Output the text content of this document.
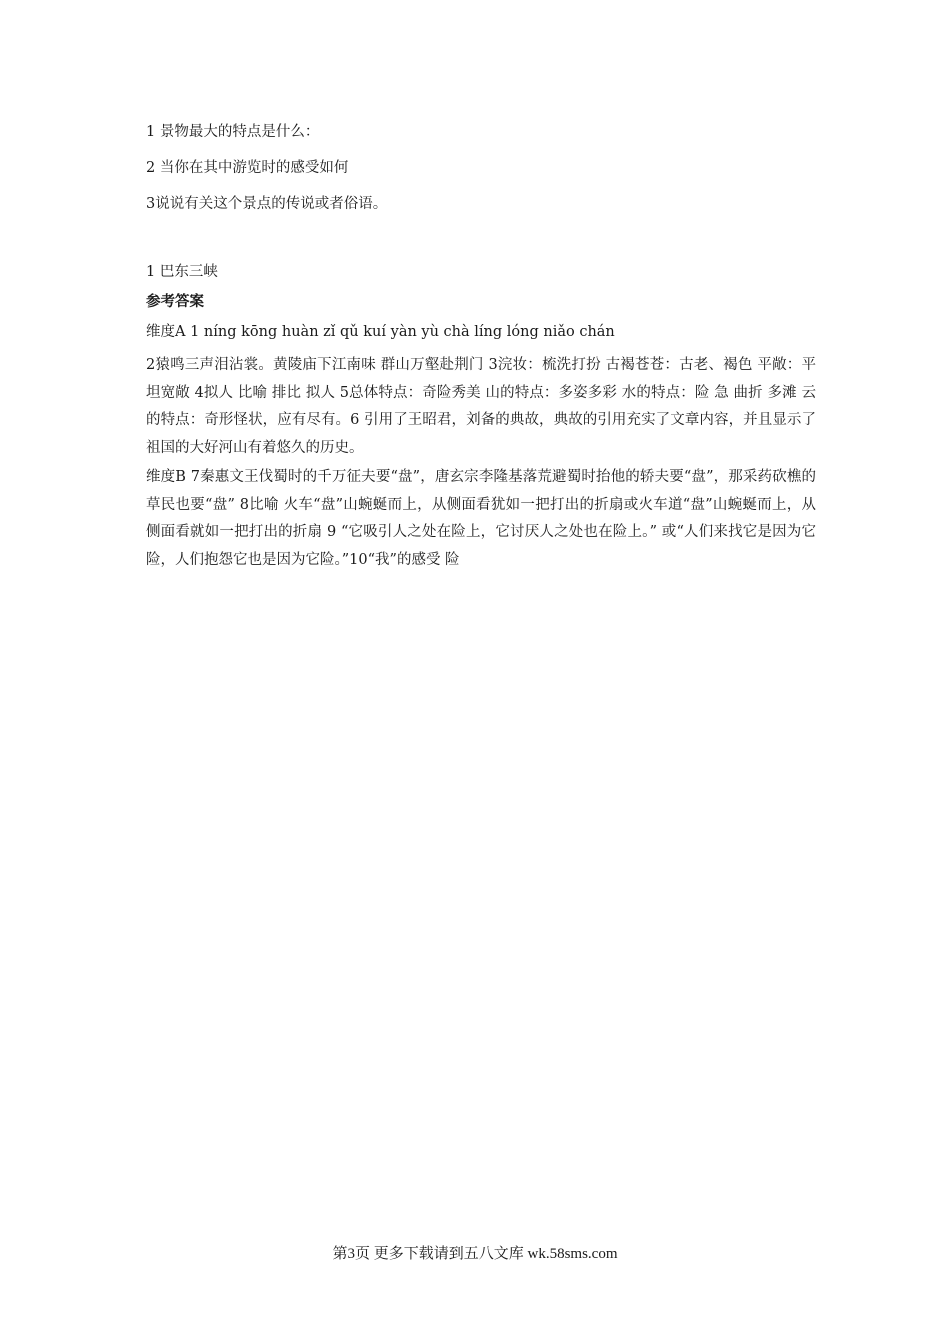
1 景物最大的特点是什么：
2 当你在其中游览时的感受如何
3说说有关这个景点的传说或者俗语。
1 巴东三峡
参考答案
维度A 1 níng kōng huàn zǐ qǔ kuí yàn yù chà líng lóng niǎo chán
2猿鸣三声泪沾裳。黄陵庙下江南味 群山万壑赴荆门 3浣妆：梳洗打扮 古褐苍苍：古老、褐色 平敞：平坦宽敞 4拟人 比喻 排比 拟人 5总体特点：奇险秀美 山的特点：多姿多彩 水的特点：险 急 曲折 多滩 云的特点：奇形怪状，应有尽有。6 引用了王昭君，刘备的典故，典故的引用充实了文章内容，并且显示了祖国的大好河山有着悠久的历史。
维度B 7秦惠文王伐蜀时的千万征夫要“盘”，唐玄宗李隆基落荒避蜀时抬他的轿夫要“盘”，那采药砍樵的草民也要“盘” 8比喻 火车“盘”山蜿蜒而上，从侧面看犹如一把打出的折扇或火车道“盘”山蜿蜒而上，从侧面看就如一把打出的折扇 9 “它吸引人之处在险上，它讨厌人之处也在险上。” 或“人们来找它是因为它险，人们抱怨它也是因为它险。”10“我”的感受 险
第3页 更多下载请到五八文库 wk.58sms.com
